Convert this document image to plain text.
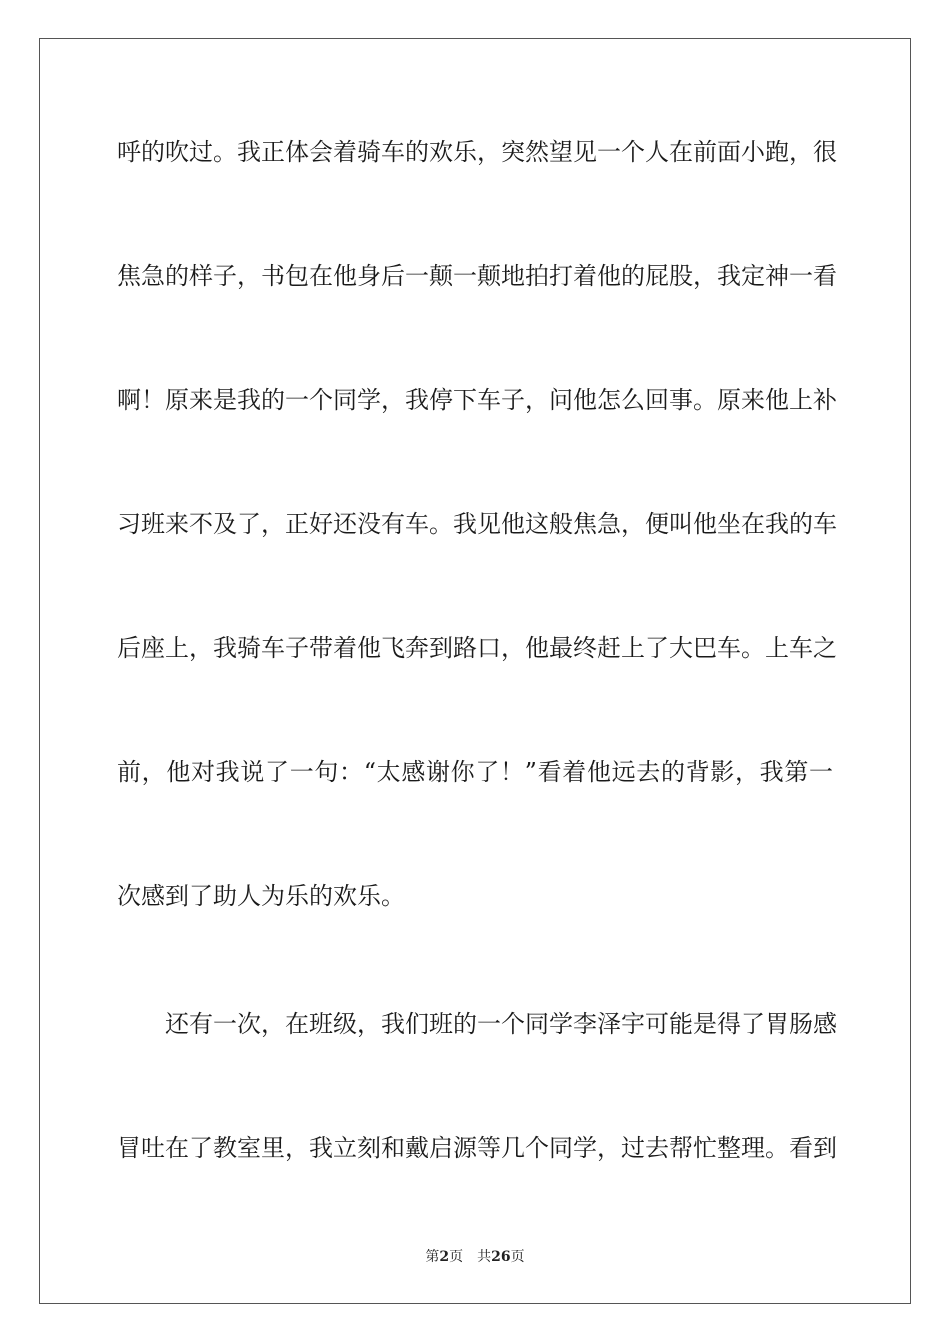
呼的吹过。我正体会着骑车的欢乐，突然望见一个人在前面小跑，很
焦急的样子，书包在他身后一颠一颠地拍打着他的屁股，我定神一看
啊！原来是我的一个同学，我停下车子，问他怎么回事。原来他上补
习班来不及了，正好还没有车。我见他这般焦急，便叫他坐在我的车
后座上，我骑车子带着他飞奔到路口，他最终赶上了大巴车。上车之
前，他对我说了一句：“太感谢你了！”看着他远去的背影，我第一
次感到了助人为乐的欢乐。
还有一次，在班级，我们班的一个同学李泽宇可能是得了胃肠感
冒吐在了教室里，我立刻和戴启源等几个同学，过去帮忙整理。看到
第2页 共26页
